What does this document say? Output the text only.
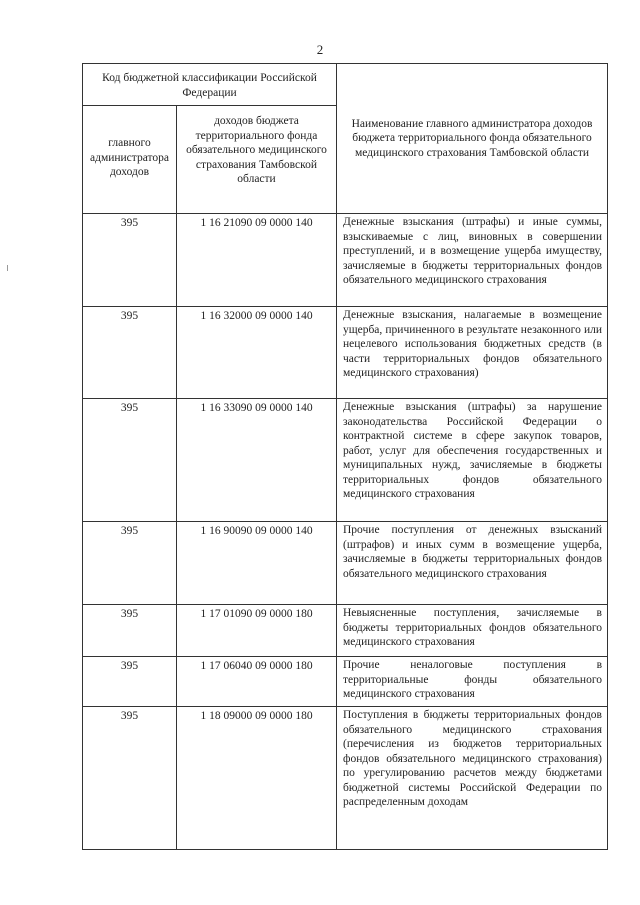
2
Код бюджетной классификации Российской Федерации		Наименование главного администратора доходов бюджета территориального фонда обязательного медицинского страхования Тамбовской области
главного администратора доходов	доходов бюджета территориального фонда обязательного медицинского страхования Тамбовской области	
395	1 16 21090 09 0000 140	Денежные взыскания (штрафы) и иные суммы, взыскиваемые с лиц, виновных в совершении преступлений, и в возмещение ущерба имуществу, зачисляемые в бюджеты территориальных фондов обязательного медицинского страхования
395	1 16 32000 09 0000 140	Денежные взыскания, налагаемые в возмещение ущерба, причиненного в результате незаконного или нецелевого использования бюджетных средств (в части территориальных фондов обязательного медицинского страхования)
395	1 16 33090 09 0000 140	Денежные взыскания (штрафы) за нарушение законодательства Российской Федерации о контрактной системе в сфере закупок товаров, работ, услуг для обеспечения государственных и муниципальных нужд, зачисляемые в бюджеты территориальных фондов обязательного медицинского страхования
395	1 16 90090 09 0000 140	Прочие поступления от денежных взысканий (штрафов) и иных сумм в возмещение ущерба, зачисляемые в бюджеты территориальных фондов обязательного медицинского страхования
395	1 17 01090 09 0000 180	Невыясненные поступления, зачисляемые в бюджеты территориальных фондов обязательного медицинского страхования
395	1 17 06040 09 0000 180	Прочие неналоговые поступления в территориальные фонды обязательного медицинского страхования
395	1 18 09000 09 0000 180	Поступления в бюджеты территориальных фондов обязательного медицинского страхования (перечисления из бюджетов территориальных фондов обязательного медицинского страхования) по урегулированию расчетов между бюджетами бюджетной системы Российской Федерации по распределенным доходам
